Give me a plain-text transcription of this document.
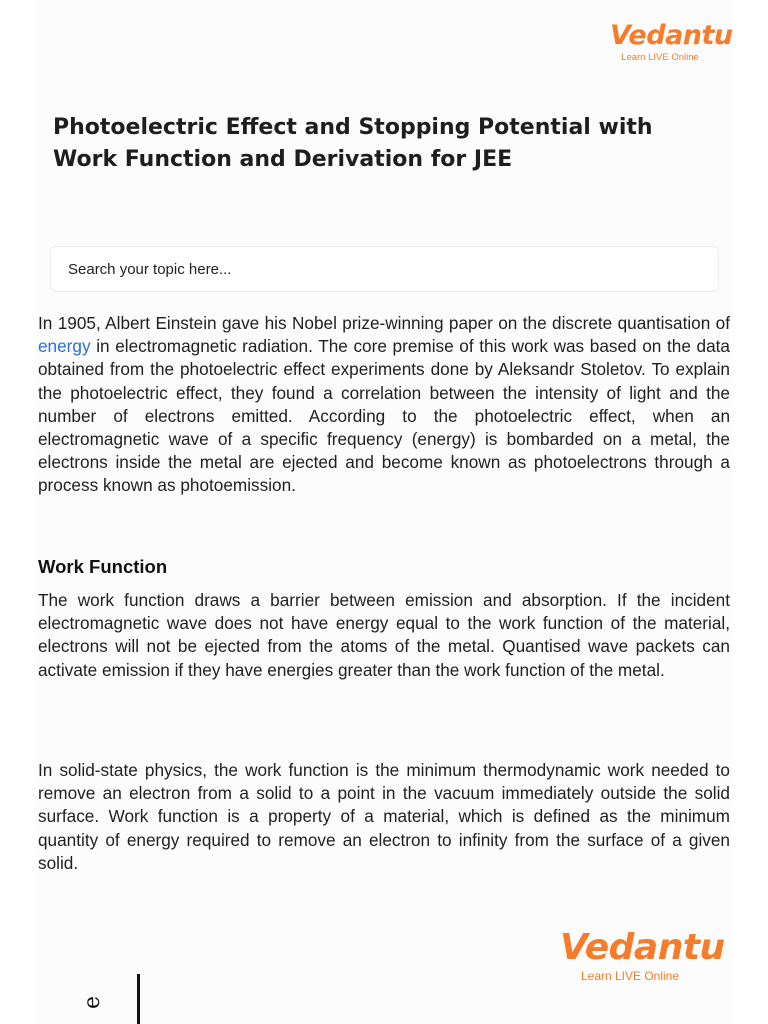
Vedantu
Learn LIVE Online
Photoelectric Effect and Stopping Potential with Work Function and Derivation for JEE
Search your topic here...

In 1905, Albert Einstein gave his Nobel prize-winning paper on the discrete quantisation of energy in electromagnetic radiation. The core premise of this work was based on the data obtained from the photoelectric effect experiments done by Aleksandr Stoletov. To explain the photoelectric effect, they found a correlation between the intensity of light and the number of electrons emitted. According to the photoelectric effect, when an electromagnetic wave of a specific frequency (energy) is bombarded on a metal, the electrons inside the metal are ejected and become known as photoelectrons through a process known as photoemission.

Work Function

The work function draws a barrier between emission and absorption. If the incident electromagnetic wave does not have energy equal to the work function of the material, electrons will not be ejected from the atoms of the metal. Quantised wave packets can activate emission if they have energies greater than the work function of the metal.

In solid-state physics, the work function is the minimum thermodynamic work needed to remove an electron from a solid to a point in the vacuum immediately outside the solid surface. Work function is a property of a material, which is defined as the minimum quantity of energy required to remove an electron to infinity from the surface of a given solid.

e
Vedantu
Learn LIVE Online
